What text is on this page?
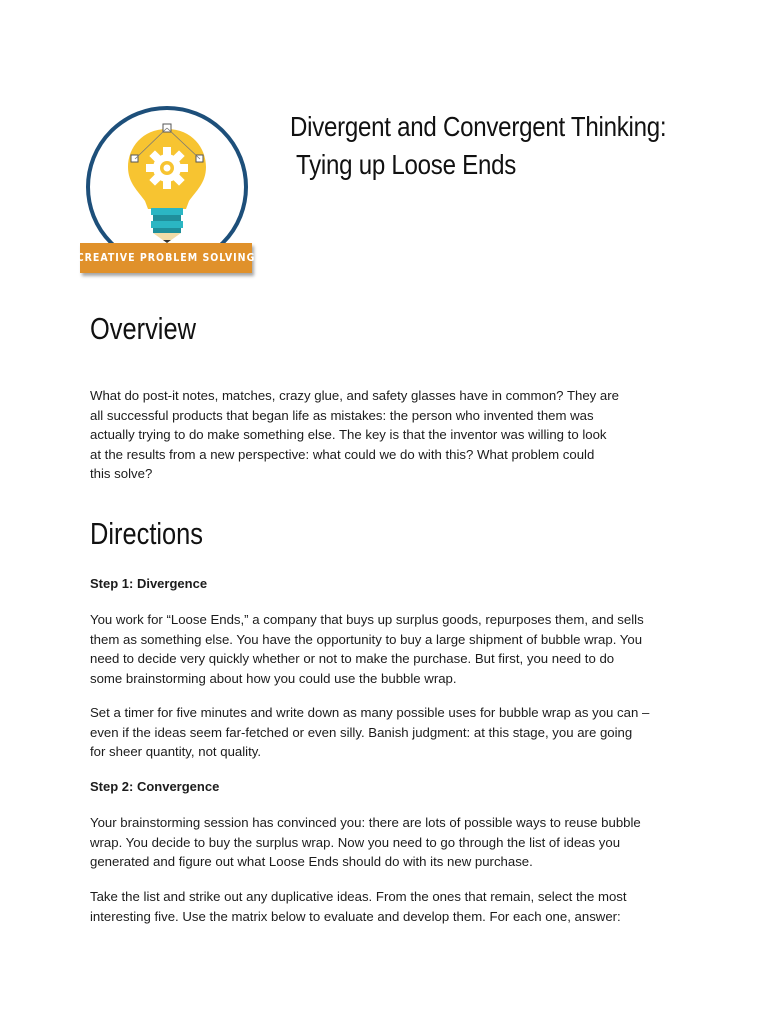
CREATIVE PROBLEM SOLVING
Divergent and Convergent Thinking:
Tying up Loose Ends
Overview
What do post-it notes, matches, crazy glue, and safety glasses have in common? They are
all successful products that began life as mistakes: the person who invented them was
actually trying to do make something else. The key is that the inventor was willing to look
at the results from a new perspective: what could we do with this? What problem could
this solve?
Directions
Step 1: Divergence
You work for “Loose Ends,” a company that buys up surplus goods, repurposes them, and sells
them as something else. You have the opportunity to buy a large shipment of bubble wrap. You
need to decide very quickly whether or not to make the purchase. But first, you need to do
some brainstorming about how you could use the bubble wrap.
Set a timer for five minutes and write down as many possible uses for bubble wrap as you can –
even if the ideas seem far-fetched or even silly. Banish judgment: at this stage, you are going
for sheer quantity, not quality.
Step 2: Convergence
Your brainstorming session has convinced you: there are lots of possible ways to reuse bubble
wrap. You decide to buy the surplus wrap. Now you need to go through the list of ideas you
generated and figure out what Loose Ends should do with its new purchase.
Take the list and strike out any duplicative ideas. From the ones that remain, select the most
interesting five. Use the matrix below to evaluate and develop them. For each one, answer:
